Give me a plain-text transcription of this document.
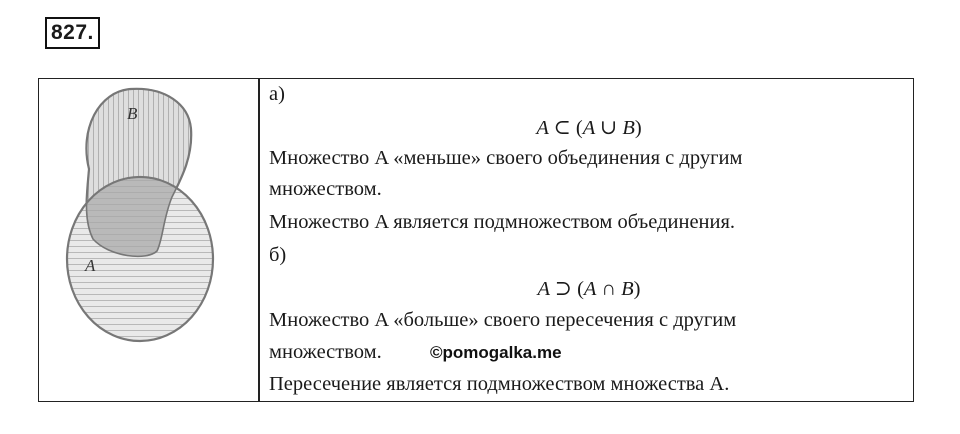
827.
B
A
а)
A ⊂ (A ∪ B)
Множество A «меньше» своего объединения с другим
множеством.
Множество A является подмножеством объединения.
б)
A ⊃ (A ∩ B)
Множество A «больше» своего пересечения с другим
множеством.
Пересечение является подмножеством множества A.
©pomogalka.me
